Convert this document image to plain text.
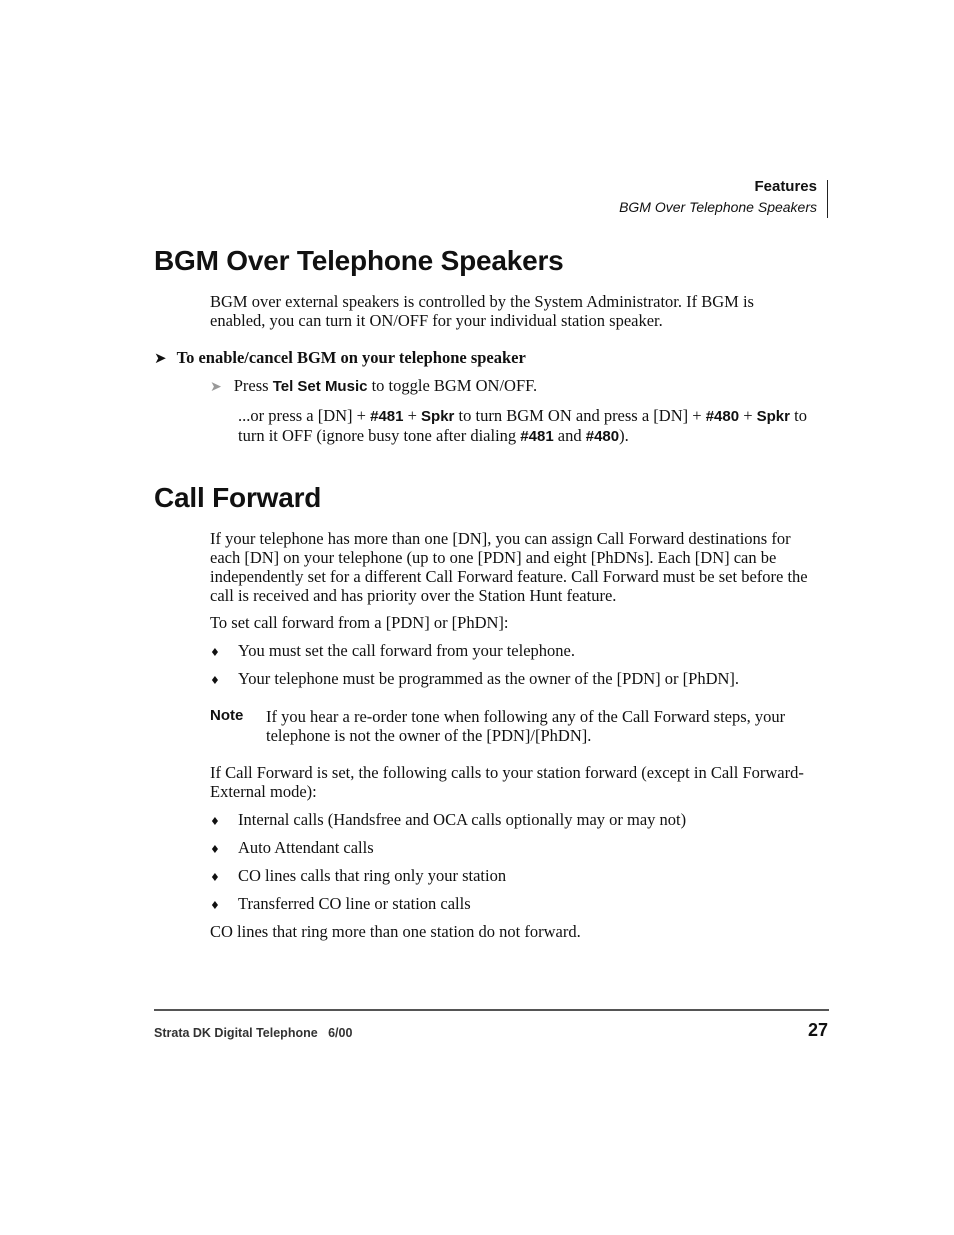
Features
BGM Over Telephone Speakers
BGM Over Telephone Speakers

BGM over external speakers is controlled by the System Administrator. If BGM is enabled, you can turn it ON/OFF for your individual station speaker.

➤ To enable/cancel BGM on your telephone speaker
➤ Press Tel Set Music to toggle BGM ON/OFF.

...or press a [DN] + #481 + Spkr to turn BGM ON and press a [DN] + #480 + Spkr to turn it OFF (ignore busy tone after dialing #481 and #480).

Call Forward

If your telephone has more than one [DN], you can assign Call Forward destinations for each [DN] on your telephone (up to one [PDN] and eight [PhDNs]. Each [DN] can be independently set for a different Call Forward feature. Call Forward must be set before the call is received and has priority over the Station Hunt feature.

To set call forward from a [PDN] or [PhDN]:

♦ You must set the call forward from your telephone.
♦ Your telephone must be programmed as the owner of the [PDN] or [PhDN].
Note If you hear a re-order tone when following any of the Call Forward steps, your telephone is not the owner of the [PDN]/[PhDN].

If Call Forward is set, the following calls to your station forward (except in Call Forward-External mode):

♦ Internal calls (Handsfree and OCA calls optionally may or may not)
♦ Auto Attendant calls
♦ CO lines calls that ring only your station
♦ Transferred CO line or station calls

CO lines that ring more than one station do not forward.

Strata DK Digital Telephone   6/00	27
